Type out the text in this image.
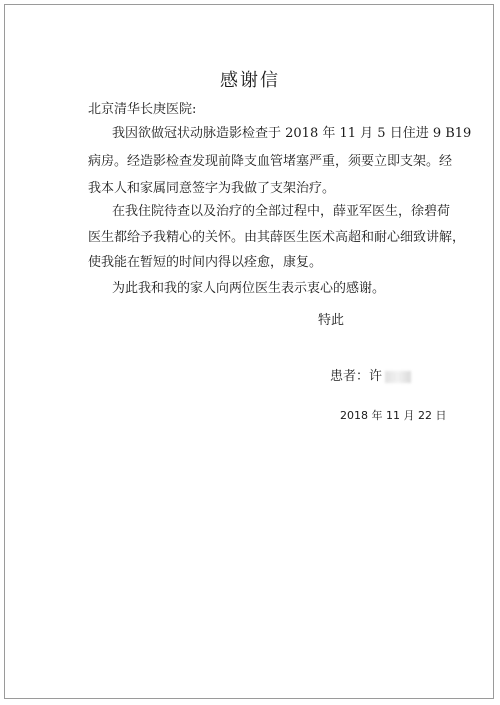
感谢信
北京清华长庚医院:
我因欲做冠状动脉造影检查于 2018 年 11 月 5 日住进 9 B19
病房。经造影检查发现前降支血管堵塞严重，须要立即支架。经
我本人和家属同意签字为我做了支架治疗。
在我住院待查以及治疗的全部过程中，薛亚军医生，徐碧荷
医生都给予我精心的关怀。由其薛医生医术高超和耐心细致讲解，
使我能在暂短的时间内得以痊愈，康复。
为此我和我的家人向两位医生表示衷心的感谢。
特此
患者：许
2018 年 11 月 22 日
